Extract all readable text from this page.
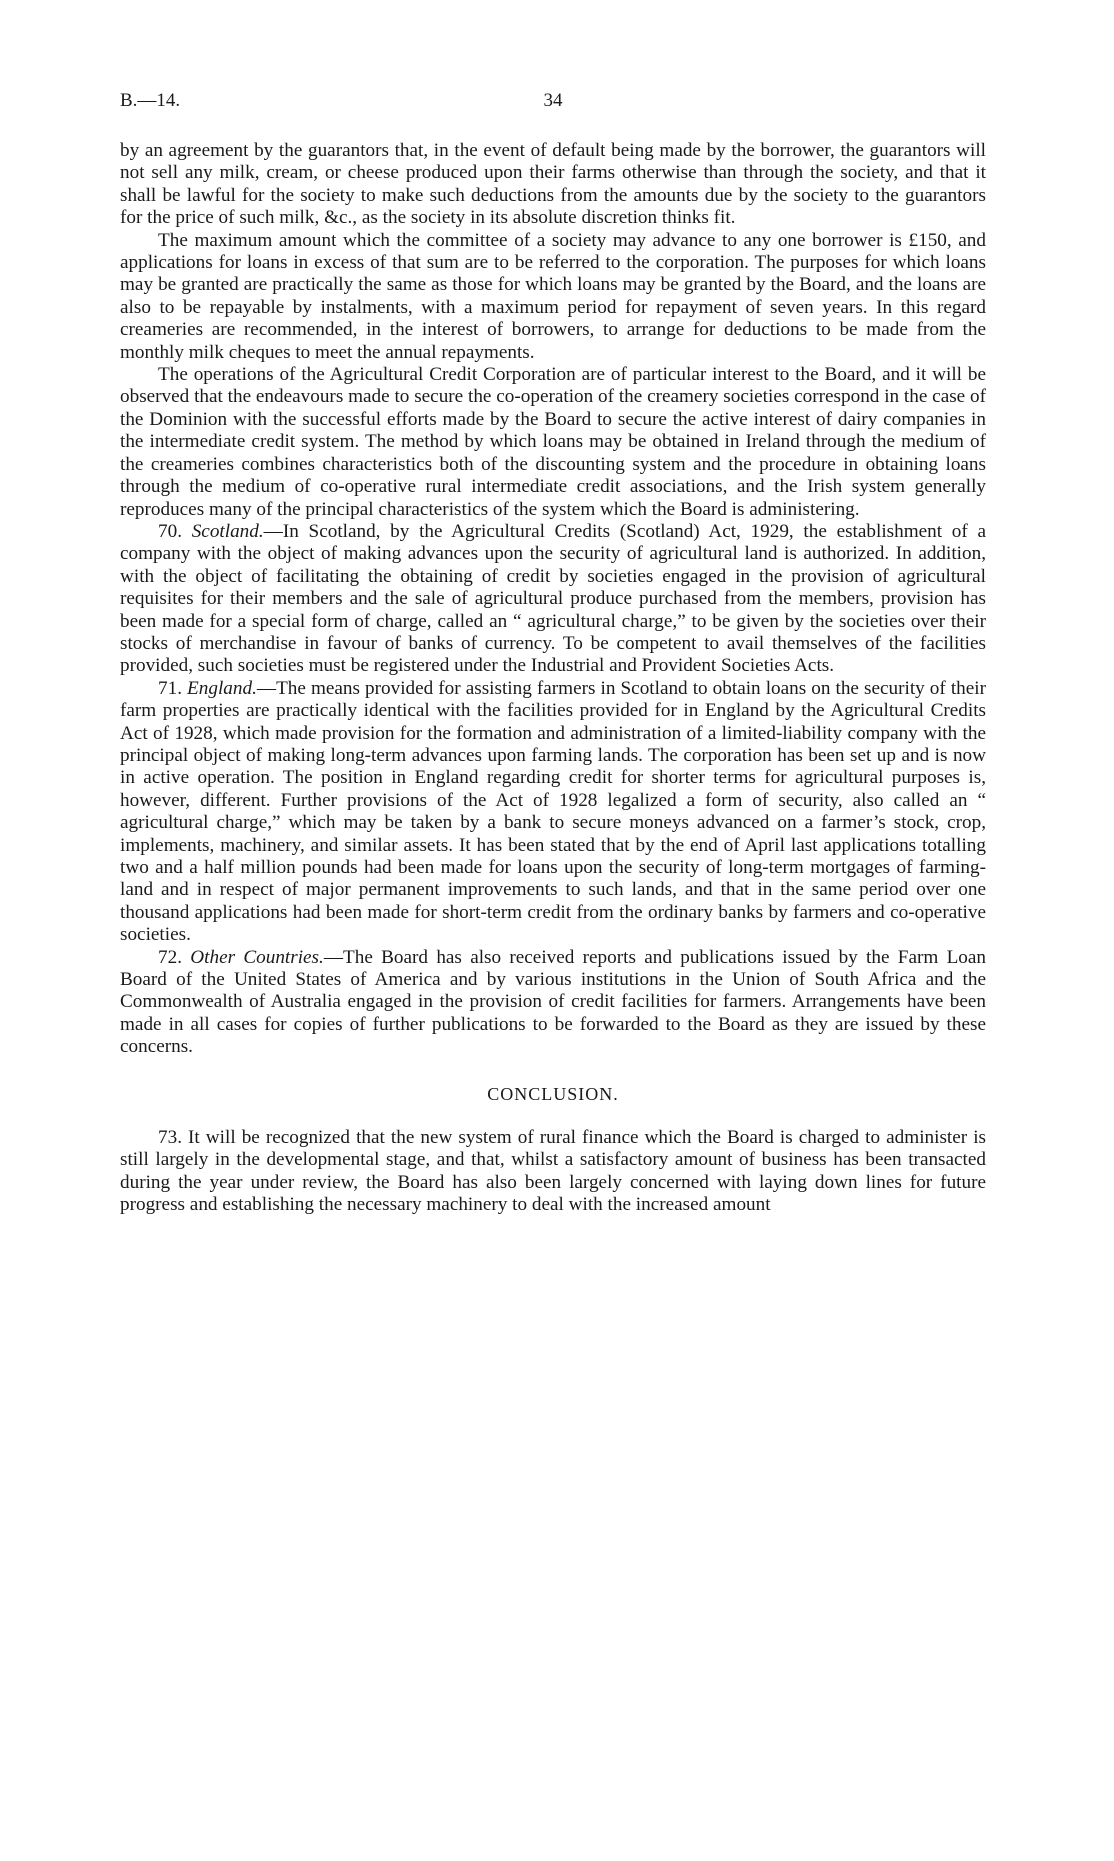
B.—14.	34

by an agreement by the guarantors that, in the event of default being made by the borrower, the guarantors will not sell any milk, cream, or cheese produced upon their farms otherwise than through the society, and that it shall be lawful for the society to make such deductions from the amounts due by the society to the guarantors for the price of such milk, &c., as the society in its absolute discretion thinks fit.

The maximum amount which the committee of a society may advance to any one borrower is £150, and applications for loans in excess of that sum are to be referred to the corporation. The purposes for which loans may be granted are practically the same as those for which loans may be granted by the Board, and the loans are also to be repayable by instalments, with a maximum period for repayment of seven years. In this regard creameries are recommended, in the interest of borrowers, to arrange for deductions to be made from the monthly milk cheques to meet the annual repayments.

The operations of the Agricultural Credit Corporation are of particular interest to the Board, and it will be observed that the endeavours made to secure the co-operation of the creamery societies correspond in the case of the Dominion with the successful efforts made by the Board to secure the active interest of dairy companies in the intermediate credit system. The method by which loans may be obtained in Ireland through the medium of the creameries combines characteristics both of the discounting system and the procedure in obtaining loans through the medium of co-operative rural intermediate credit associations, and the Irish system generally reproduces many of the principal characteristics of the system which the Board is administering.

70. Scotland.—In Scotland, by the Agricultural Credits (Scotland) Act, 1929, the establishment of a company with the object of making advances upon the security of agricultural land is authorized. In addition, with the object of facilitating the obtaining of credit by societies engaged in the provision of agricultural requisites for their members and the sale of agricultural produce purchased from the members, provision has been made for a special form of charge, called an “ agricultural charge,” to be given by the societies over their stocks of merchandise in favour of banks of currency. To be competent to avail themselves of the facilities provided, such societies must be registered under the Industrial and Provident Societies Acts.

71. England.—The means provided for assisting farmers in Scotland to obtain loans on the security of their farm properties are practically identical with the facilities provided for in England by the Agricultural Credits Act of 1928, which made provision for the formation and administration of a limited-liability company with the principal object of making long-term advances upon farming lands. The corporation has been set up and is now in active operation. The position in England regarding credit for shorter terms for agricultural purposes is, however, different. Further provisions of the Act of 1928 legalized a form of security, also called an “ agricultural charge,” which may be taken by a bank to secure moneys advanced on a farmer’s stock, crop, implements, machinery, and similar assets. It has been stated that by the end of April last applications totalling two and a half million pounds had been made for loans upon the security of long-term mortgages of farming-land and in respect of major permanent improvements to such lands, and that in the same period over one thousand applications had been made for short-term credit from the ordinary banks by farmers and co-operative societies.

72. Other Countries.—The Board has also received reports and publications issued by the Farm Loan Board of the United States of America and by various institutions in the Union of South Africa and the Commonwealth of Australia engaged in the provision of credit facilities for farmers. Arrangements have been made in all cases for copies of further publications to be forwarded to the Board as they are issued by these concerns.

CONCLUSION.

73. It will be recognized that the new system of rural finance which the Board is charged to administer is still largely in the developmental stage, and that, whilst a satisfactory amount of business has been transacted during the year under review, the Board has also been largely concerned with laying down lines for future progress and establishing the necessary machinery to deal with the increased amount
